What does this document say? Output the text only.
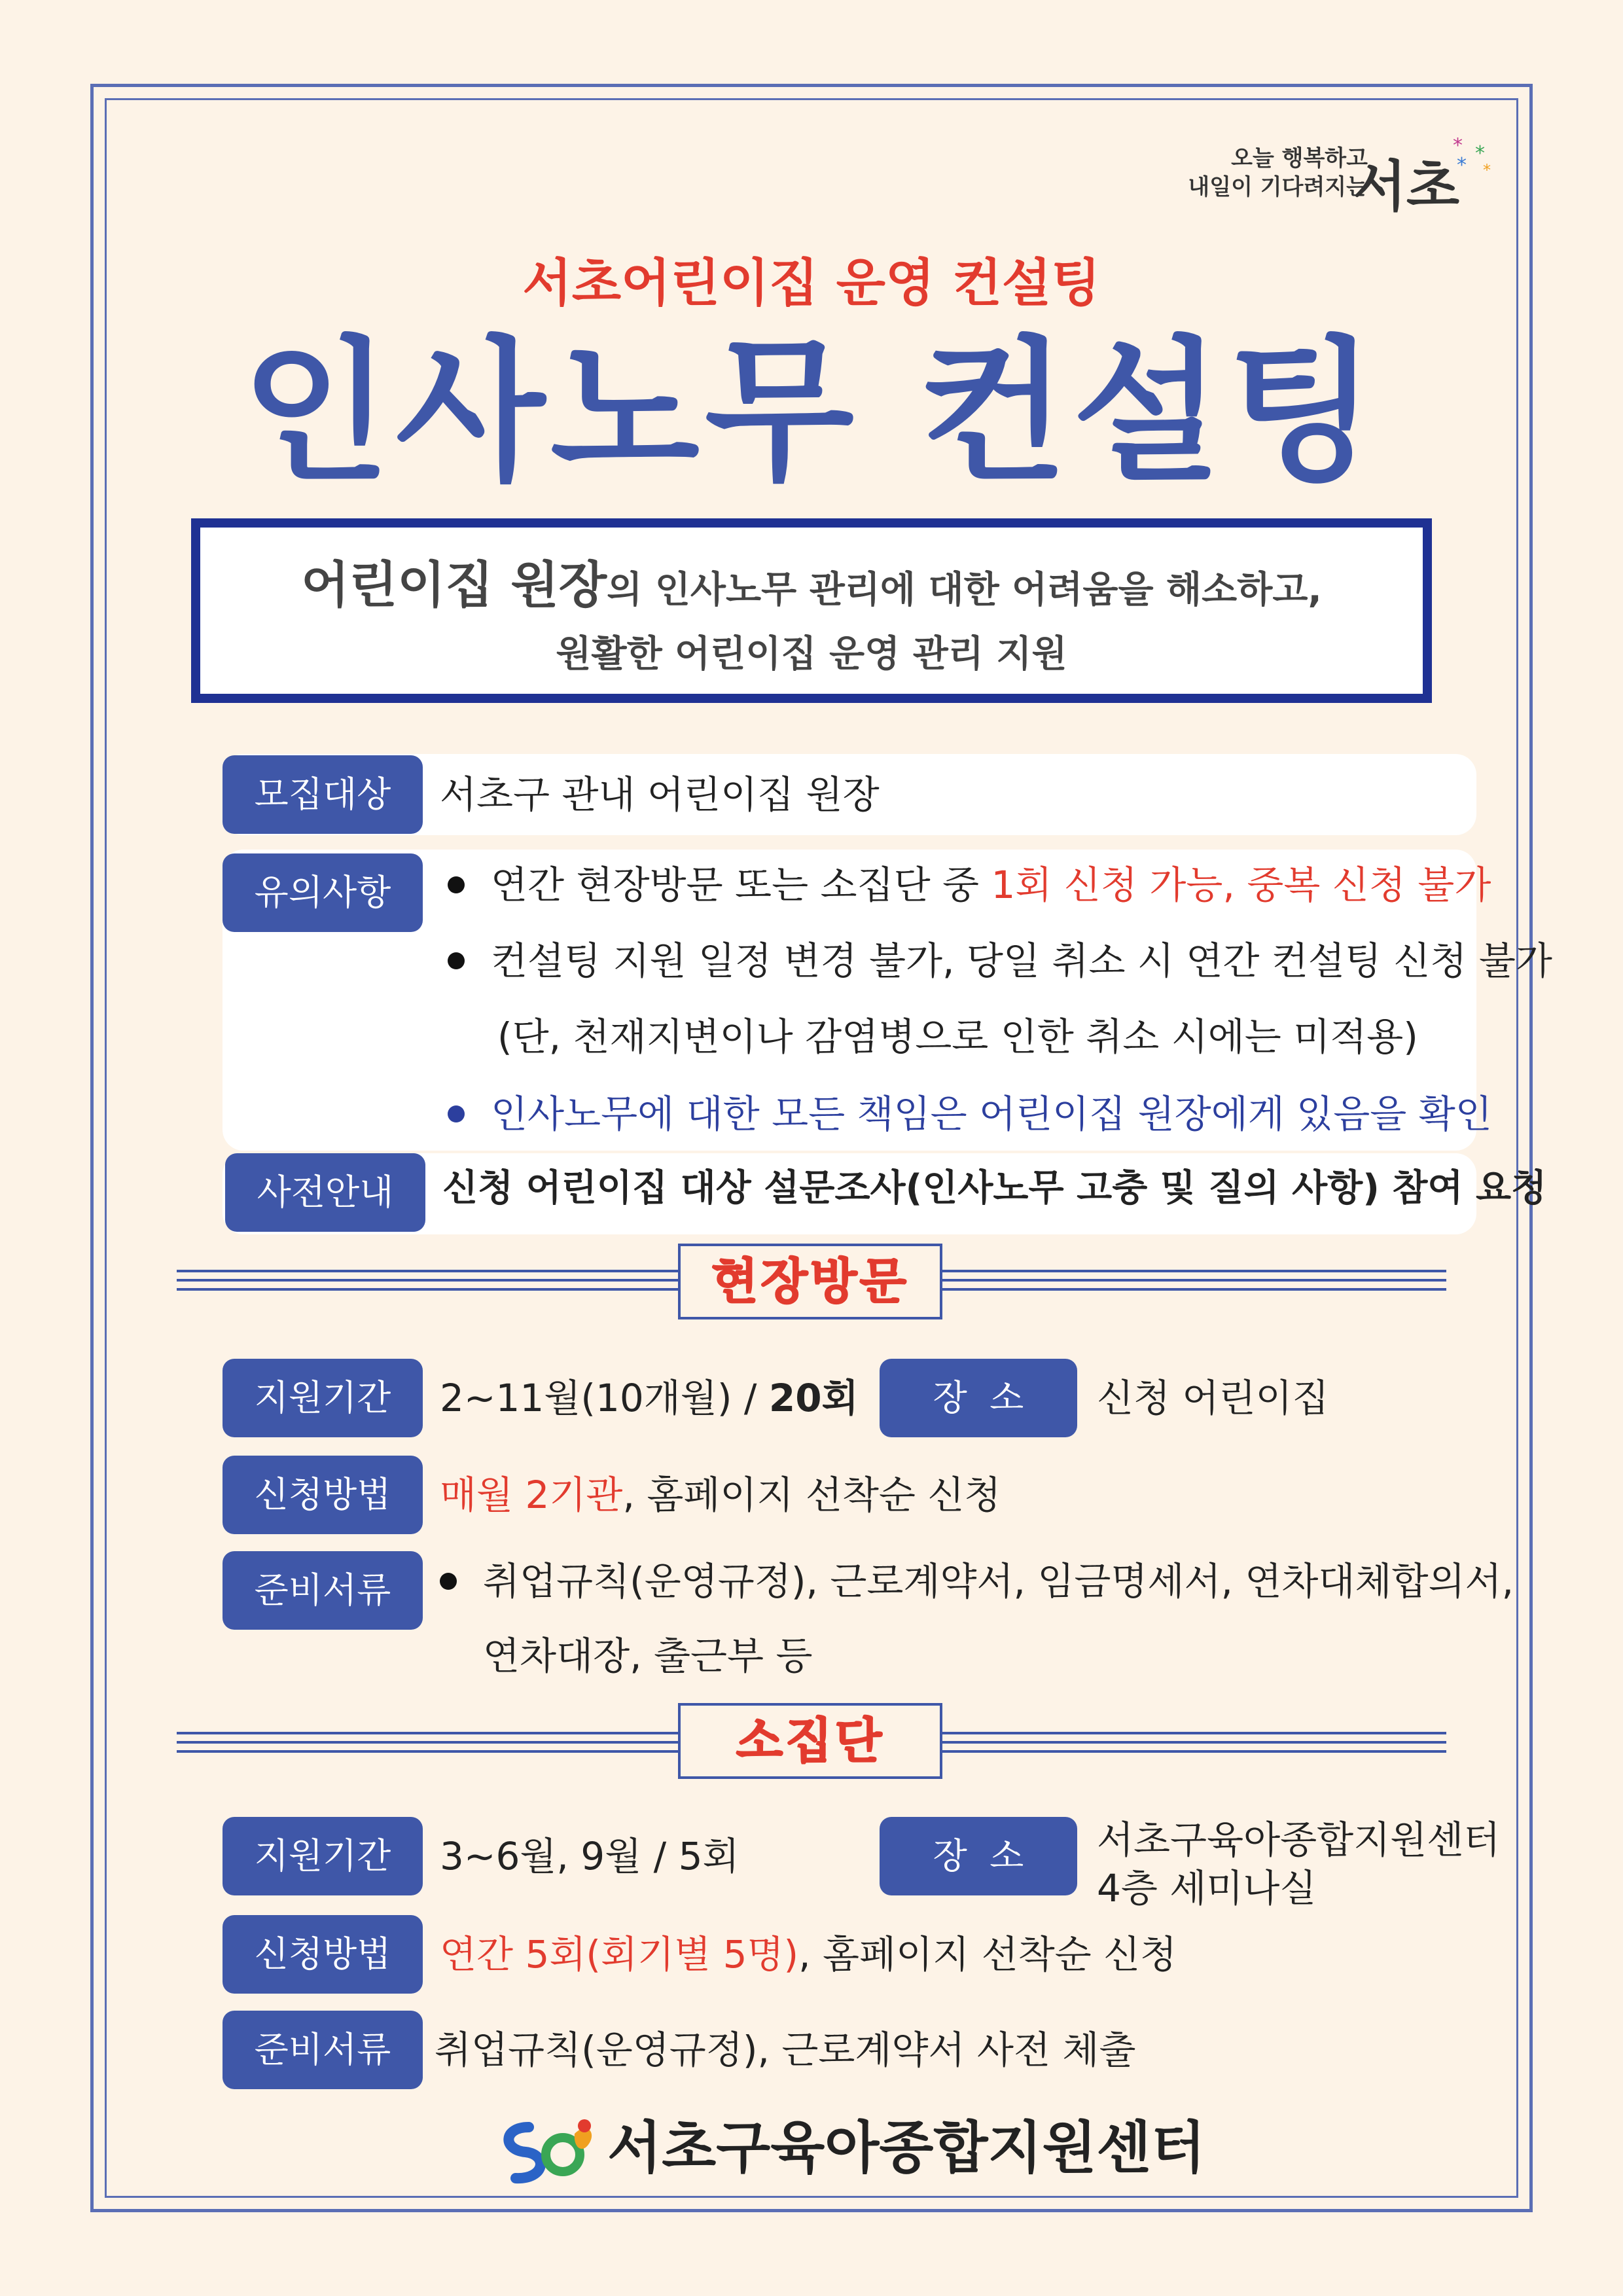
오늘 행복하고
내일이 기다려지는
서초
* *
* *
서초어린이집 운영 컨설팅
인사노무 컨설팅
어린이집 원장의 인사노무 관리에 대한 어려움을 해소하고,
원활한 어린이집 운영 관리 지원
모집대상	서초구 관내 어린이집 원장
유의사항	연간 현장방문 또는 소집단 중 1회 신청 가능, 중복 신청 불가
컨설팅 지원 일정 변경 불가, 당일 취소 시 연간 컨설팅 신청 불가
(단, 천재지변이나 감염병으로 인한 취소 시에는 미적용)
인사노무에 대한 모든 책임은 어린이집 원장에게 있음을 확인
사전안내	신청 어린이집 대상 설문조사(인사노무 고충 및 질의 사항) 참여 요청
현장방문
지원기간	2~11월(10개월) / 20회	장  소	신청 어린이집
신청방법	매월 2기관, 홈페이지 선착순 신청
준비서류	취업규칙(운영규정), 근로계약서, 임금명세서, 연차대체합의서,
연차대장, 출근부 등
소집단
지원기간	3~6월, 9월 / 5회	장  소	서초구육아종합지원센터
4층 세미나실
신청방법	연간 5회(회기별 5명), 홈페이지 선착순 신청
준비서류	취업규칙(운영규정), 근로계약서 사전 체출
서초구육아종합지원센터
